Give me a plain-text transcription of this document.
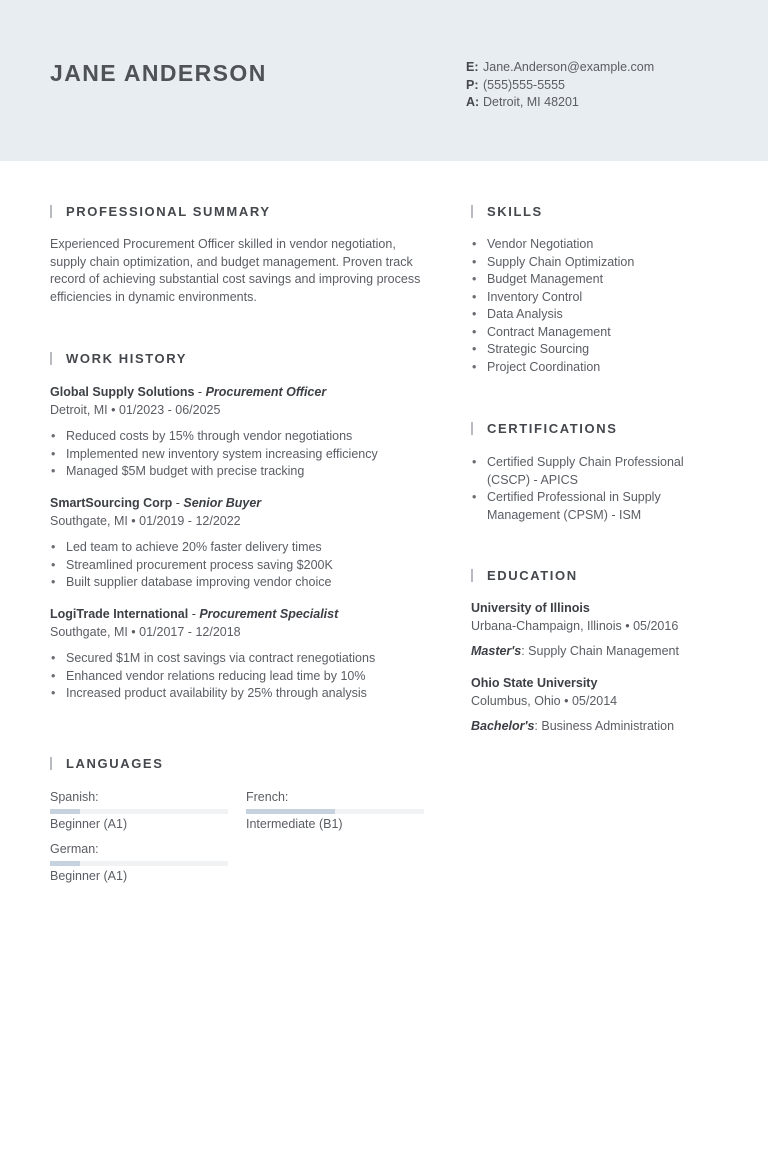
JANE ANDERSON	E: Jane.Anderson@example.com
P: (555)555-5555
A: Detroit, MI 48201
PROFESSIONAL SUMMARY
Experienced Procurement Officer skilled in vendor negotiation, supply chain optimization, and budget management. Proven track record of achieving substantial cost savings and improving process efficiencies in dynamic environments.
WORK HISTORY
Global Supply Solutions - Procurement Officer
Detroit, MI • 01/2023 - 06/2025
• Reduced costs by 15% through vendor negotiations
• Implemented new inventory system increasing efficiency
• Managed $5M budget with precise tracking
SmartSourcing Corp - Senior Buyer
Southgate, MI • 01/2019 - 12/2022
• Led team to achieve 20% faster delivery times
• Streamlined procurement process saving $200K
• Built supplier database improving vendor choice
LogiTrade International - Procurement Specialist
Southgate, MI • 01/2017 - 12/2018
• Secured $1M in cost savings via contract renegotiations
• Enhanced vendor relations reducing lead time by 10%
• Increased product availability by 25% through analysis
LANGUAGES
Spanish:
Beginner (A1)
French:
Intermediate (B1)
German:
Beginner (A1)
SKILLS
• Vendor Negotiation
• Supply Chain Optimization
• Budget Management
• Inventory Control
• Data Analysis
• Contract Management
• Strategic Sourcing
• Project Coordination
CERTIFICATIONS
• Certified Supply Chain Professional (CSCP) - APICS
• Certified Professional in Supply Management (CPSM) - ISM
EDUCATION
University of Illinois
Urbana-Champaign, Illinois • 05/2016
Master's: Supply Chain Management
Ohio State University
Columbus, Ohio • 05/2014
Bachelor's: Business Administration
